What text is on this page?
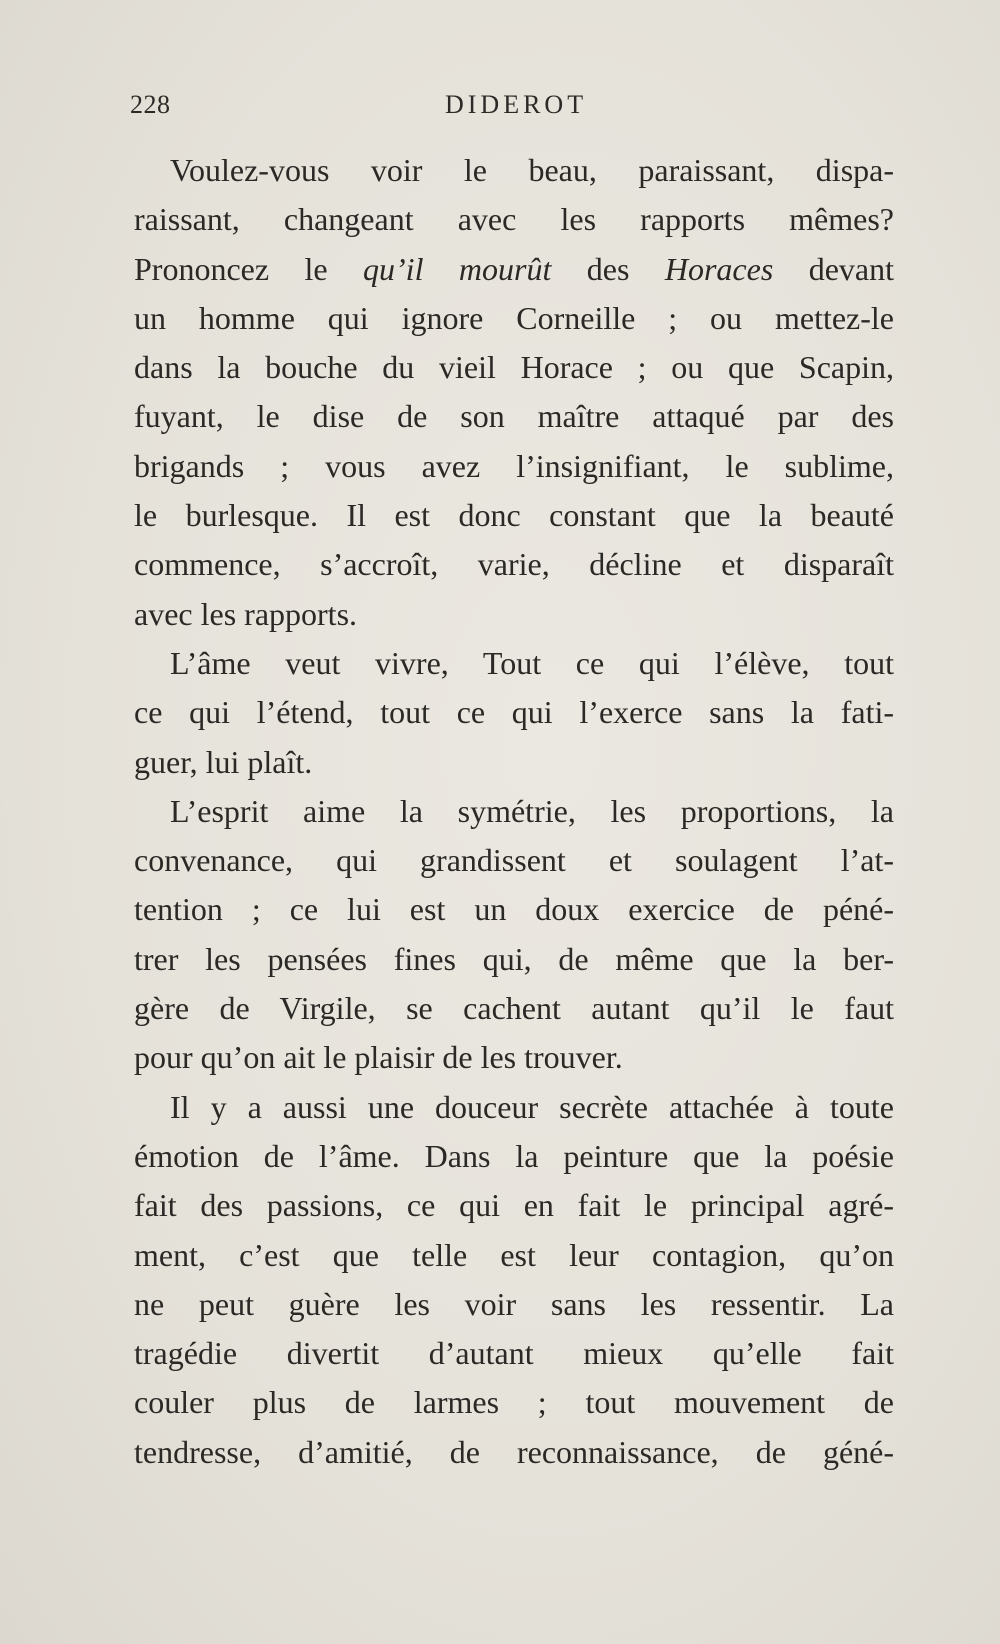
228	DIDEROT
Voulez-vous voir le beau, paraissant, dispa-
raissant, changeant avec les rapports mêmes?
Prononcez le qu’il mourût des Horaces devant
un homme qui ignore Corneille ; ou mettez-le
dans la bouche du vieil Horace ; ou que Scapin,
fuyant, le dise de son maître attaqué par des
brigands ; vous avez l’insignifiant, le sublime,
le burlesque. Il est donc constant que la beauté
commence, s’accroît, varie, décline et disparaît
avec les rapports.
L’âme veut vivre, Tout ce qui l’élève, tout
ce qui l’étend, tout ce qui l’exerce sans la fati-
guer, lui plaît.
L’esprit aime la symétrie, les proportions, la
convenance, qui grandissent et soulagent l’at-
tention ; ce lui est un doux exercice de péné-
trer les pensées fines qui, de même que la ber-
gère de Virgile, se cachent autant qu’il le faut
pour qu’on ait le plaisir de les trouver.
Il y a aussi une douceur secrète attachée à toute
émotion de l’âme. Dans la peinture que la poésie
fait des passions, ce qui en fait le principal agré-
ment, c’est que telle est leur contagion, qu’on
ne peut guère les voir sans les ressentir. La
tragédie divertit d’autant mieux qu’elle fait
couler plus de larmes ; tout mouvement de
tendresse, d’amitié, de reconnaissance, de géné-
